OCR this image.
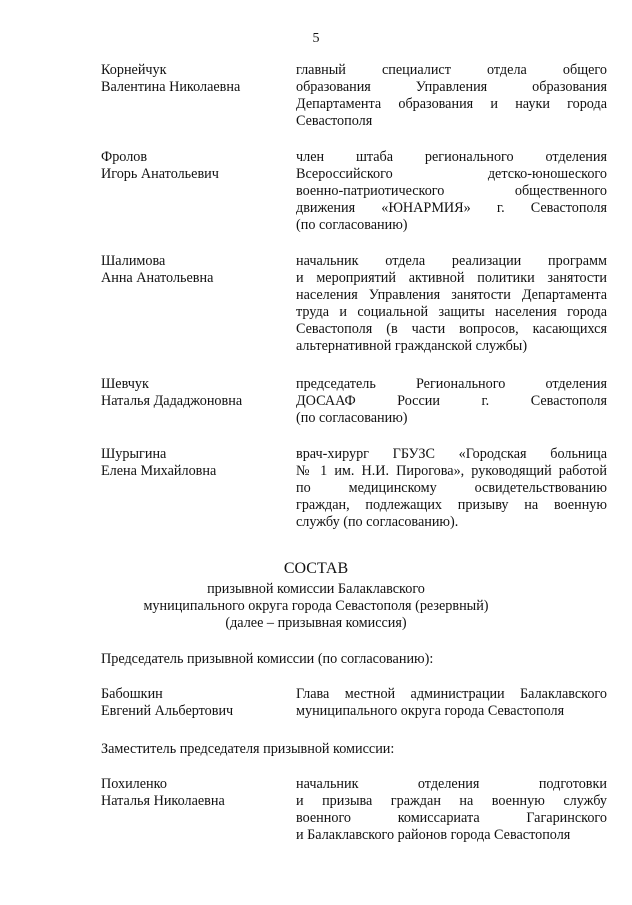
5
Корнейчук
Валентина Николаевна
главный специалист отдела общего
образования Управления образования
Департамента образования и науки города
Севастополя
Фролов
Игорь Анатольевич
член штаба регионального отделения
Всероссийского детско-юношеского
военно-патриотического общественного
движения «ЮНАРМИЯ» г. Севастополя
(по согласованию)
Шалимова
Анна Анатольевна
начальник отдела реализации программ
и мероприятий активной политики занятости
населения Управления занятости Департамента
труда и социальной защиты населения города
Севастополя (в части вопросов, касающихся
альтернативной гражданской службы)
Шевчук
Наталья Дададжоновна
председатель Регионального отделения
ДОСААФ России г. Севастополя
(по согласованию)
Шурыгина
Елена Михайловна
врач-хирург ГБУЗС «Городская больница
№ 1 им. Н.И. Пирогова», руководящий работой
по медицинскому освидетельствованию
граждан, подлежащих призыву на военную
службу (по согласованию).
СОСТАВ
призывной комиссии Балаклавского
муниципального округа города Севастополя (резервный)
(далее – призывная комиссия)
Председатель призывной комиссии (по согласованию):
Бабошкин
Евгений Альбертович
Глава местной администрации Балаклавского
муниципального округа города Севастополя
Заместитель председателя призывной комиссии:
Похиленко
Наталья Николаевна
начальник отделения подготовки
и призыва граждан на военную службу
военного комиссариата Гагаринского
и Балаклавского районов города Севастополя
